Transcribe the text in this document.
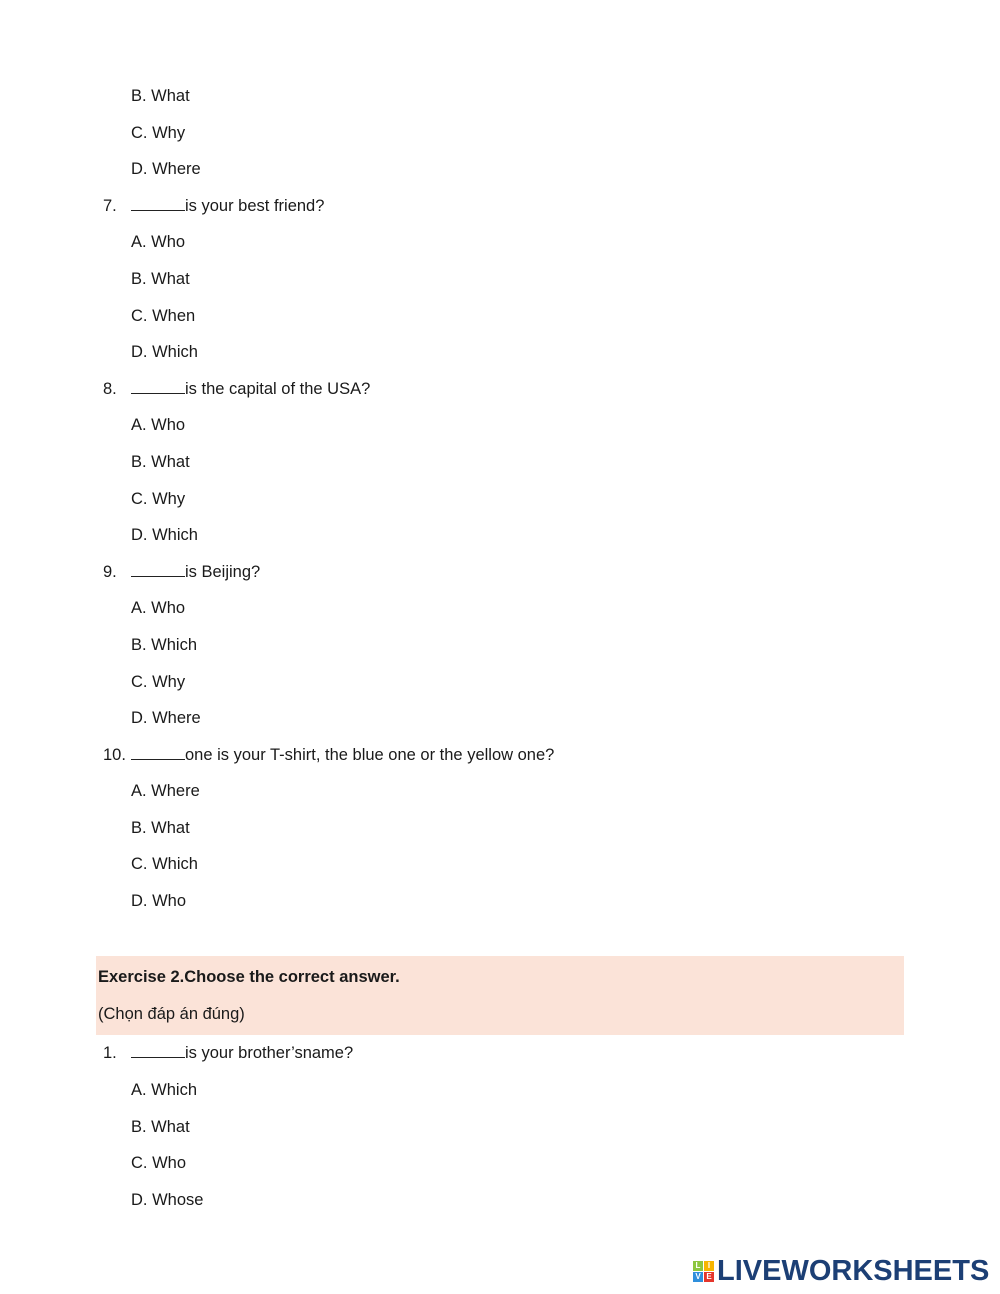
B. What
C. Why
D. Where
7.	is your best friend?
A. Who
B. What
C. When
D. Which
8.	is the capital of the USA?
A. Who
B. What
C. Why
D. Which
9.	is Beijing?
A. Who
B. Which
C. Why
D. Where
10.	one is your T-shirt, the blue one or the yellow one?
A. Where
B. What
C. Which
D. Who
Exercise 2.Choose the correct answer.
(Chọn đáp án đúng)
1.	is your brother’sname?
A. Which
B. What
C. Who
D. Whose
L I
V E LIVEWORKSHEETS
